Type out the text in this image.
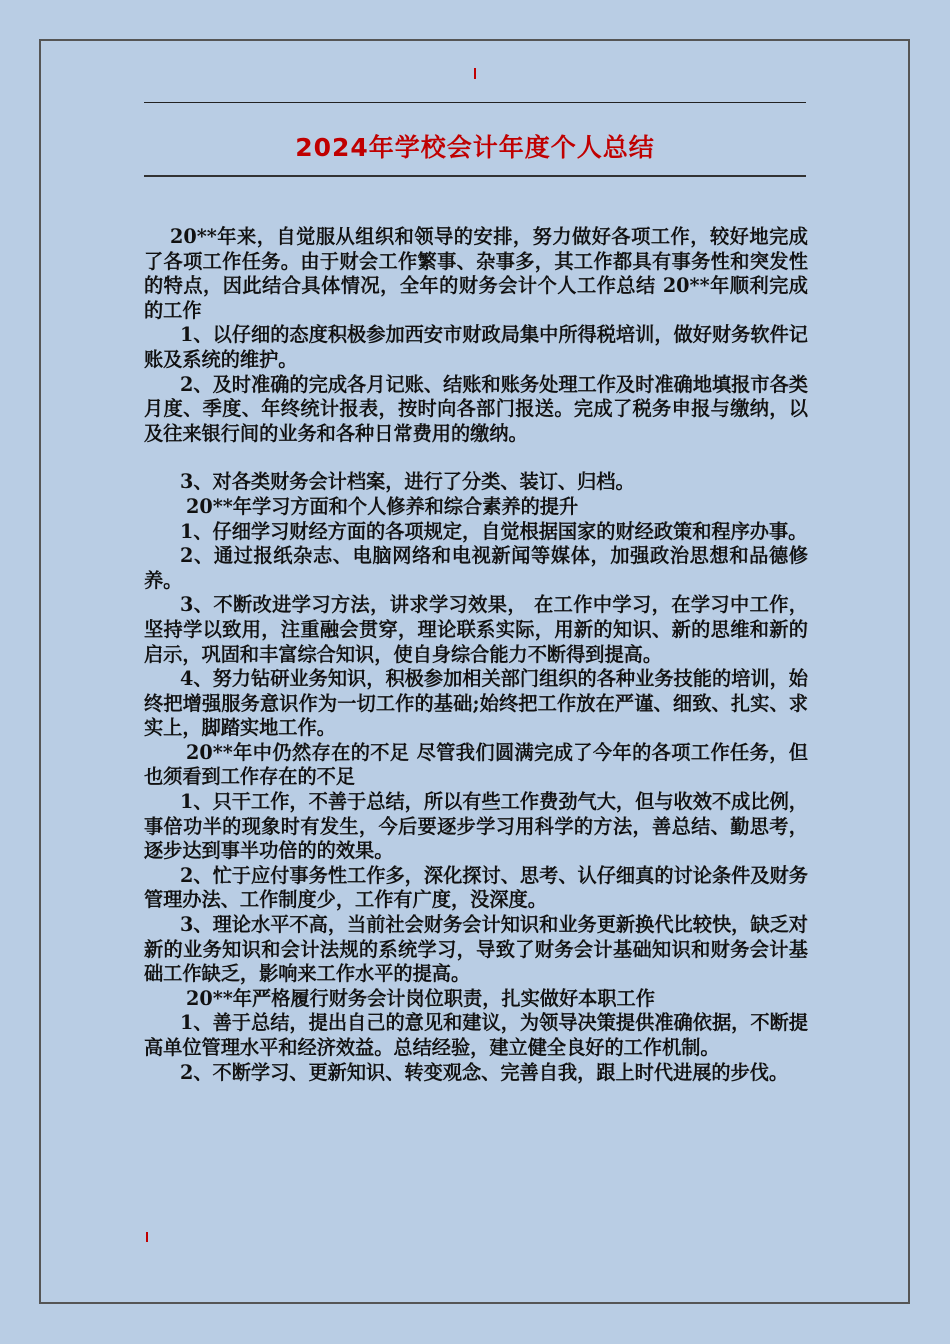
2024年学校会计年度个人总结

20**年来，自觉服从组织和领导的安排，努力做好各项工作，较好地完成了各项工作任务。由于财会工作繁事、杂事多，其工作都具有事务性和突发性的特点，因此结合具体情况，全年的财务会计个人工作总结 20**年顺利完成的工作

1、以仔细的态度积极参加西安市财政局集中所得税培训，做好财务软件记账及系统的维护。

2、及时准确的完成各月记账、结账和账务处理工作及时准确地填报市各类月度、季度、年终统计报表，按时向各部门报送。完成了税务申报与缴纳，以及往来银行间的业务和各种日常费用的缴纳。

3、对各类财务会计档案，进行了分类、装订、归档。

20**年学习方面和个人修养和综合素养的提升

1、仔细学习财经方面的各项规定，自觉根据国家的财经政策和程序办事。

2、通过报纸杂志、电脑网络和电视新闻等媒体，加强政治思想和品德修养。

3、不断改进学习方法，讲求学习效果， 在工作中学习，在学习中工作，坚持学以致用，注重融会贯穿，理论联系实际，用新的知识、新的思维和新的启示，巩固和丰富综合知识，使自身综合能力不断得到提高。

4、努力钻研业务知识，积极参加相关部门组织的各种业务技能的培训，始终把增强服务意识作为一切工作的基础;始终把工作放在严谨、细致、扎实、求实上，脚踏实地工作。

20**年中仍然存在的不足 尽管我们圆满完成了今年的各项工作任务，但也须看到工作存在的不足

1、只干工作，不善于总结，所以有些工作费劲气大，但与收效不成比例，事倍功半的现象时有发生，今后要逐步学习用科学的方法，善总结、勤思考，逐步达到事半功倍的的效果。

2、忙于应付事务性工作多，深化探讨、思考、认仔细真的讨论条件及财务管理办法、工作制度少，工作有广度，没深度。

3、理论水平不高，当前社会财务会计知识和业务更新换代比较快，缺乏对新的业务知识和会计法规的系统学习，导致了财务会计基础知识和财务会计基础工作缺乏，影响来工作水平的提高。

20**年严格履行财务会计岗位职责，扎实做好本职工作

1、善于总结，提出自己的意见和建议，为领导决策提供准确依据，不断提高单位管理水平和经济效益。总结经验，建立健全良好的工作机制。

2、不断学习、更新知识、转变观念、完善自我，跟上时代进展的步伐。
